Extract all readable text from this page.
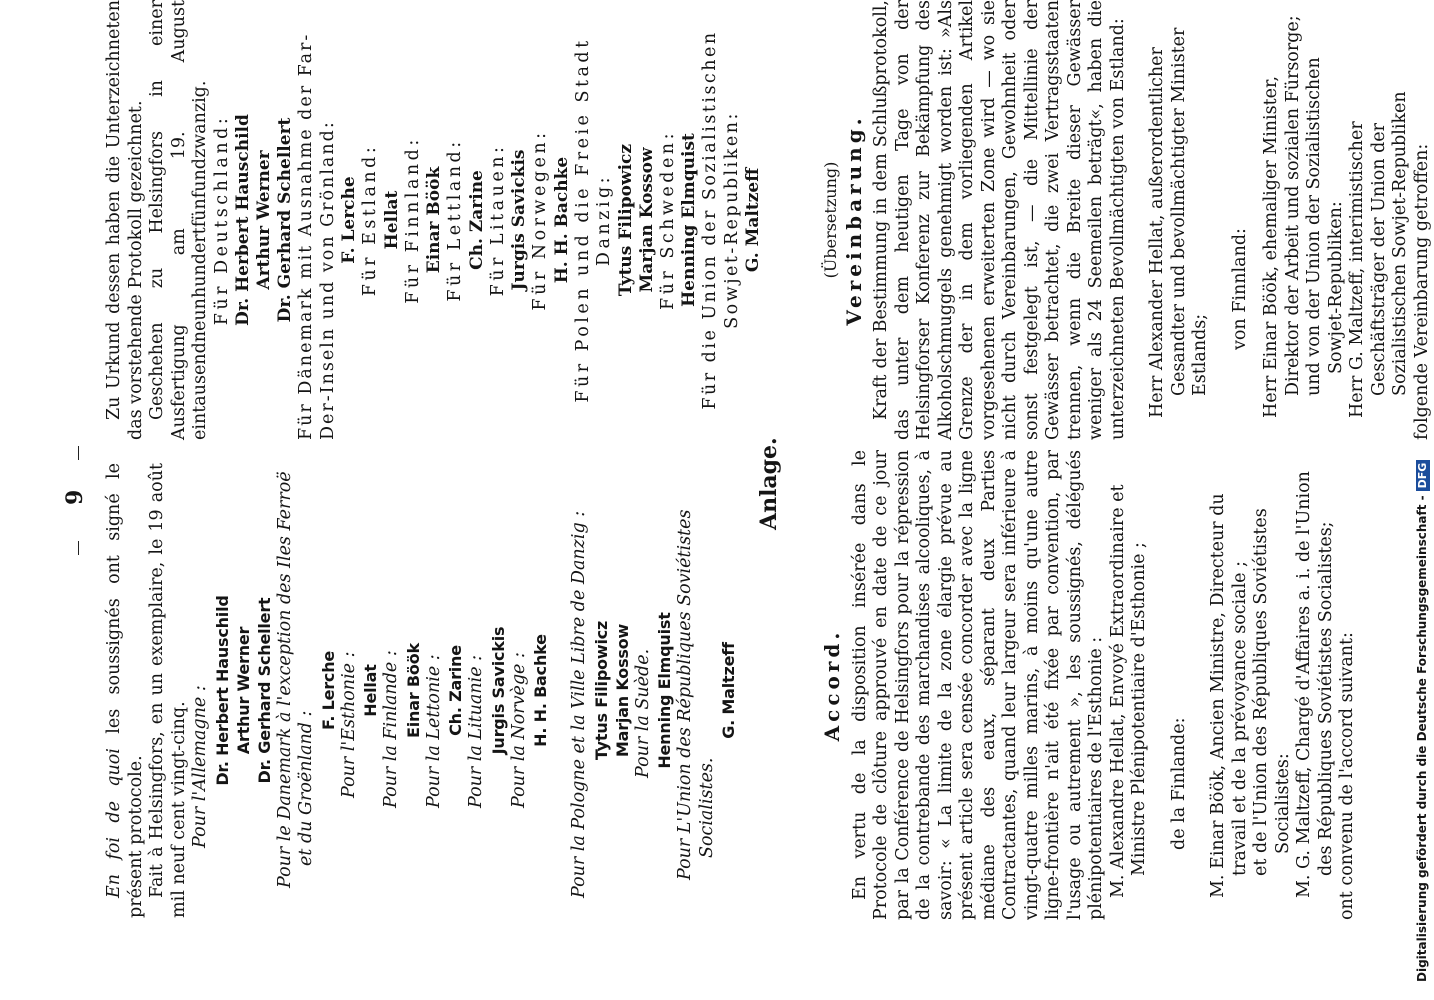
9

En foi de quoi les soussignés ont signé le présent protocole. Fait à Helsingfors, en un exemplaire, le 19 août mil neuf cent vingt-cinq. Pour l'Allemagne : Dr. Herbert Hauschild Arthur Werner Dr. Gerhard Schellert Pour le Danemark à l'exception des Iles Ferroë et du Groënland :

F. Lerche Pour l'Esthonie : Hellat Pour la Finlande : Einar Böök Pour la Lettonie : Ch. Zarine Pour la Lituanie : Jurgis Savickis Pour la Norvège : H. H. Bachke Pour la Pologne et la Ville Libre de Danzig : Tytus Filipowicz Marjan Kossow Pour la Suède. Henning Elmquist Pour L'Union des Républiques Soviétistes Socialistes.

G. Maltzeff

Zu Urkund dessen haben die Unterzeichneten das vorstehende Protokoll gezeichnet. Geschehen zu Helsingfors in einer Ausfertigung am 19. August eintausendneunhundertfünfundzwanzig. Für Deutschland: Dr. Herbert Hauschild Arthur Werner Dr. Gerhard Schellert Für Dänemark mit Ausnahme der Far-Der-Inseln und von Grönland: F. Lerche Für Estland: Hellat Für Finnland: Einar Böök Für Lettland: Ch. Zarine Für Litauen: Jurgis Savickis Für Norwegen: H. H. Bachke Für Polen und die Freie Stadt Danzig: Tytus Filipowicz Marjan Kossow Für Schweden: Henning Elmquist Für die Union der Sozialistischen Sowjet-Republiken: G. Maltzeff

Anlage.

Accord. En vertu de la disposition insérée dans le Protocole de clôture approuvé en date de ce jour par la Conférence de Helsingfors pour la répression de la contrebande des marchandises alcooliques, à savoir: « La limite de la zone élargie prévue au présent article sera censée concorder avec la ligne médiane des eaux, séparant deux Parties Contractantes, quand leur largeur sera inférieure à vingt-quatre milles marins, à moins qu'une autre ligne-frontière n'ait été fixée par convention, par l'usage ou autrement », les soussignés, délégués plénipotentiaires de l'Esthonie : M. Alexandre Hellat, Envoyé Extraordinaire et Ministre Plénipotentiaire d'Esthonie ; de la Finlande: M. Einar Böök, Ancien Ministre, Directeur du travail et de la prévoyance sociale ; et de l'Union des Républiques Soviétistes Socialistes: M. G. Maltzeff, Chargé d'Affaires a. i. de l'Union des Républiques Soviétistes Socialistes; ont convenu de l'accord suivant:

(Übersetzung) Vereinbarung. Kraft der Bestimmung in dem Schlußprotokoll, das unter dem heutigen Tage von der Helsingforser Konferenz zur Bekämpfung des Alkoholschmuggels genehmigt worden ist: »Als Grenze der in dem vorliegenden Artikel vorgesehenen erweiterten Zone wird — wo sie nicht durch Vereinbarungen, Gewohnheit oder sonst festgelegt ist, — die Mittellinie der Gewässer betrachtet, die zwei Vertragsstaaten trennen, wenn die Breite dieser Gewässer weniger als 24 Seemeilen beträgt«, haben die unterzeichneten Bevollmächtigten von Estland: Herr Alexander Hellat, außerordentlicher Gesandter und bevollmächtigter Minister Estlands;

von Finnland: Herr Einar Böök, ehemaliger Minister, Direktor der Arbeit und sozialen Fürsorge; und von der Union der Sozialistischen Sowjet-Republiken: Herr G. Maltzeff, interimistischer Geschäftsträger der Union der Sozialistischen Sowjet-Republiken folgende Vereinbarung getroffen:

Digitalisierung gefördert durch die Deutsche Forschungsgemeinschaft -DFG
